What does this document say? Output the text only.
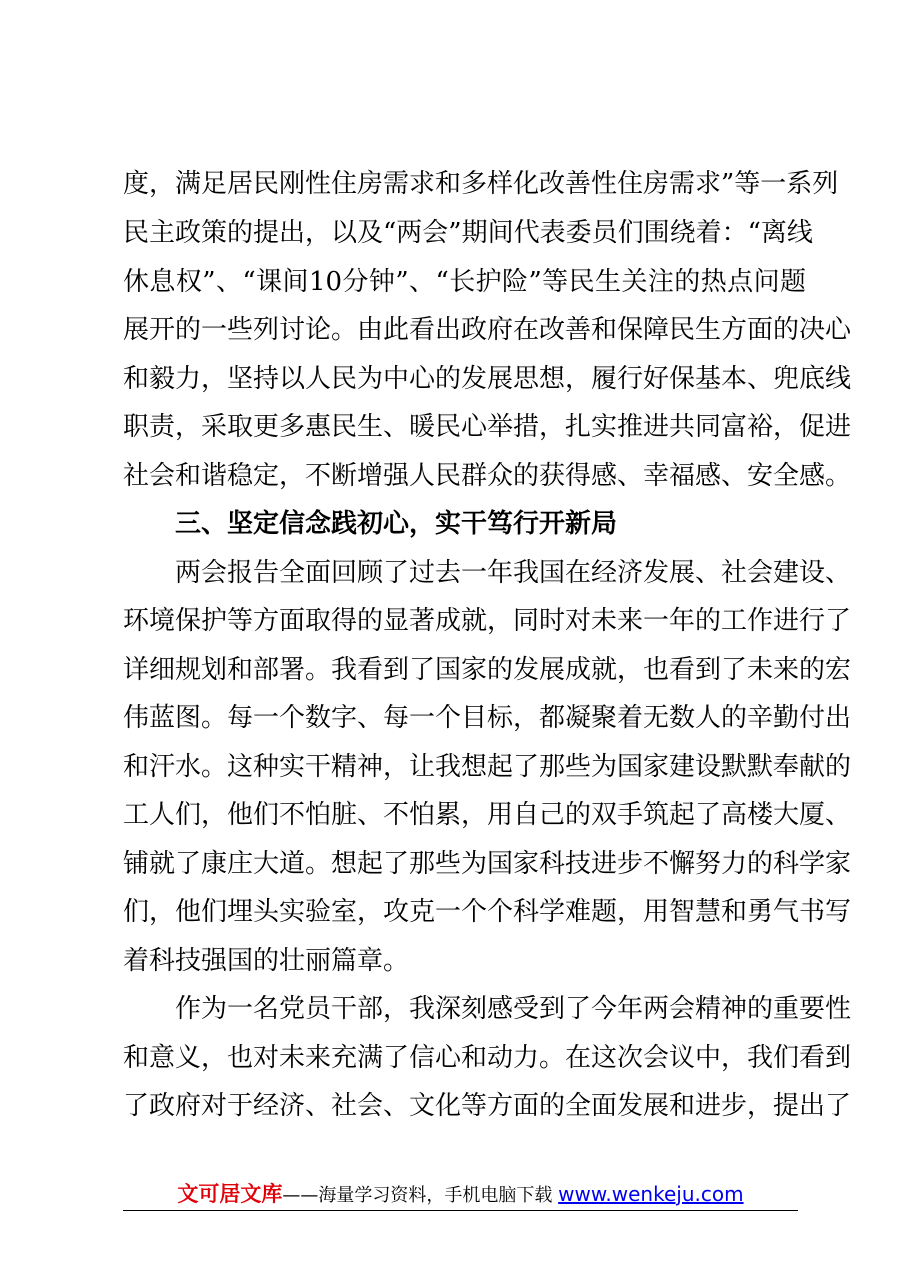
度，满足居民刚性住房需求和多样化改善性住房需求”等一系列
民主政策的提出，以及“两会”期间代表委员们围绕着：“离线
休息权”、“课间10分钟”、“长护险”等民生关注的热点问题
展开的一些列讨论。由此看出政府在改善和保障民生方面的决心
和毅力，坚持以人民为中心的发展思想，履行好保基本、兜底线
职责，采取更多惠民生、暖民心举措，扎实推进共同富裕，促进
社会和谐稳定，不断增强人民群众的获得感、幸福感、安全感。
三、坚定信念践初心，实干笃行开新局
两会报告全面回顾了过去一年我国在经济发展、社会建设、
环境保护等方面取得的显著成就，同时对未来一年的工作进行了
详细规划和部署。我看到了国家的发展成就，也看到了未来的宏
伟蓝图。每一个数字、每一个目标，都凝聚着无数人的辛勤付出
和汗水。这种实干精神，让我想起了那些为国家建设默默奉献的
工人们，他们不怕脏、不怕累，用自己的双手筑起了高楼大厦、
铺就了康庄大道。想起了那些为国家科技进步不懈努力的科学家
们，他们埋头实验室，攻克一个个科学难题，用智慧和勇气书写
着科技强国的壮丽篇章。
作为一名党员干部，我深刻感受到了今年两会精神的重要性
和意义，也对未来充满了信心和动力。在这次会议中，我们看到
了政府对于经济、社会、文化等方面的全面发展和进步，提出了
文可居文库——海量学习资料，手机电脑下载 www.wenkeju.com
